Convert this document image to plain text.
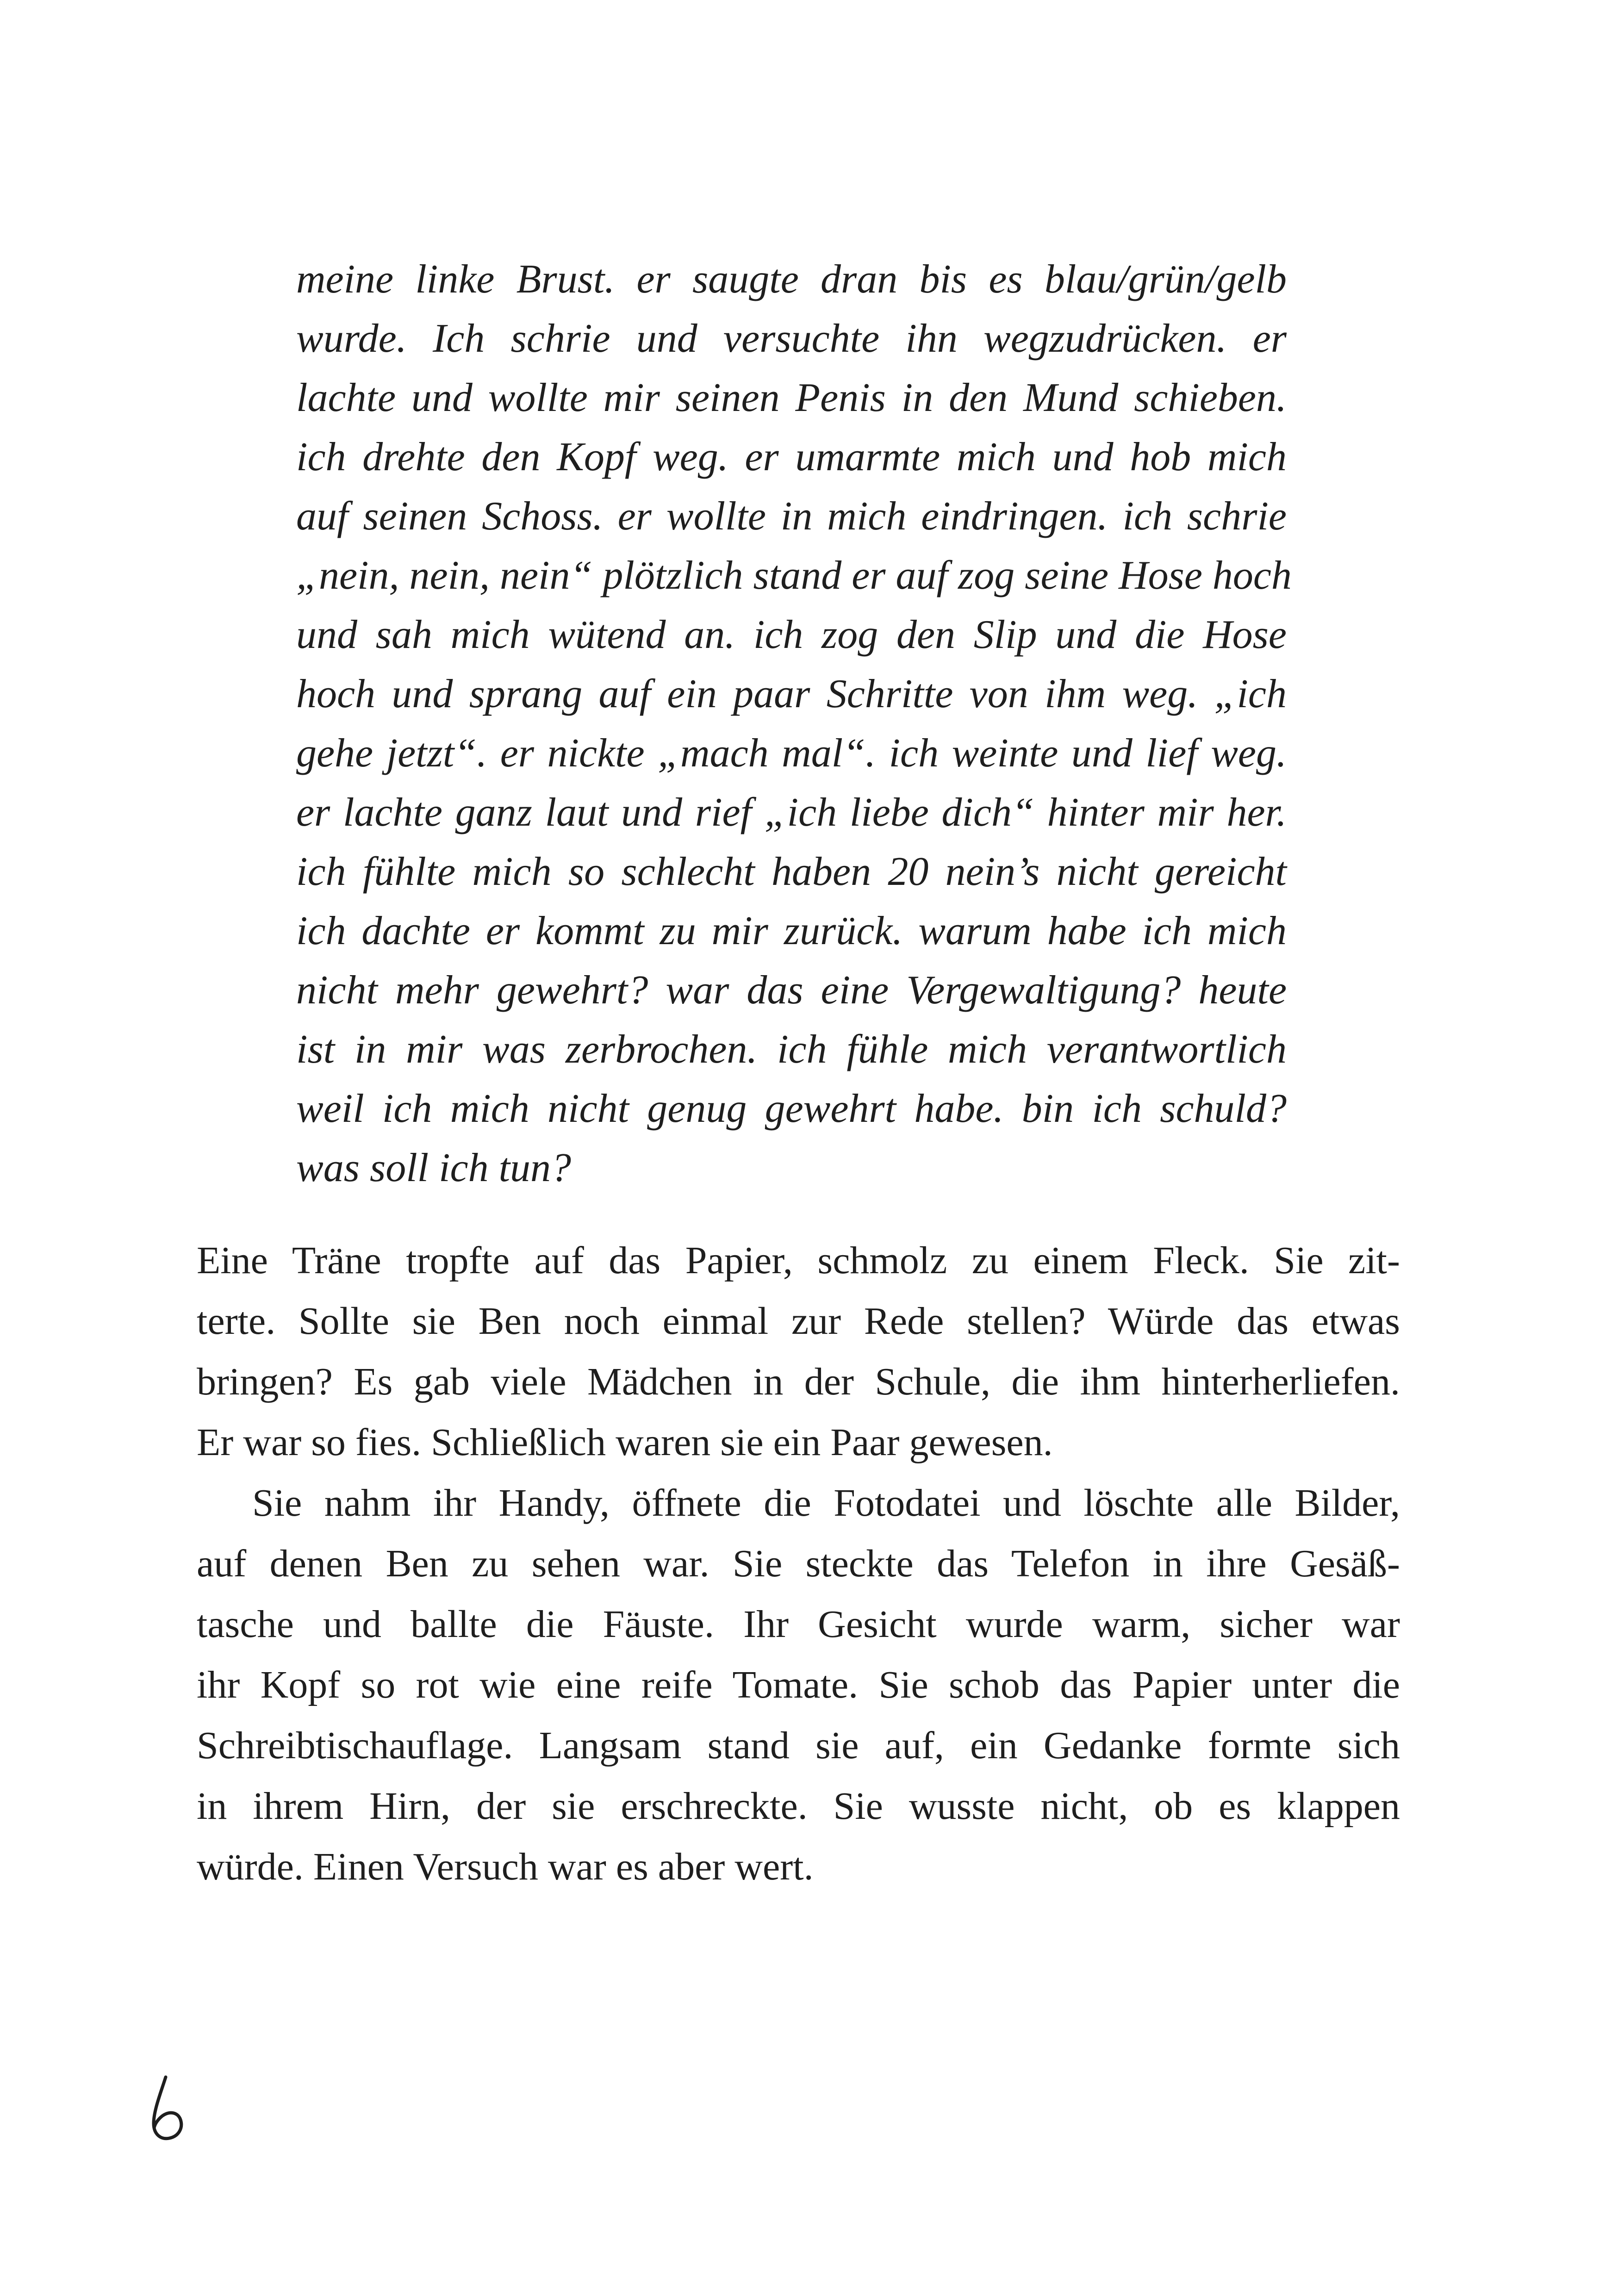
meine linke Brust. er saugte dran bis es blau/grün/gelb
wurde. Ich schrie und versuchte ihn wegzudrücken. er
lachte und wollte mir seinen Penis in den Mund schieben.
ich drehte den Kopf weg. er umarmte mich und hob mich
auf seinen Schoss. er wollte in mich eindringen. ich schrie
„nein, nein, nein“ plötzlich stand er auf zog seine Hose hoch
und sah mich wütend an. ich zog den Slip und die Hose
hoch und sprang auf ein paar Schritte von ihm weg. „ich
gehe jetzt“. er nickte „mach mal“. ich weinte und lief weg.
er lachte ganz laut und rief „ich liebe dich“ hinter mir her.
ich fühlte mich so schlecht haben 20 nein’s nicht gereicht
ich dachte er kommt zu mir zurück. warum habe ich mich
nicht mehr gewehrt? war das eine Vergewaltigung? heute
ist in mir was zerbrochen. ich fühle mich verantwortlich
weil ich mich nicht genug gewehrt habe. bin ich schuld?
was soll ich tun?
Eine Träne tropfte auf das Papier, schmolz zu einem Fleck. Sie zit-
terte. Sollte sie Ben noch einmal zur Rede stellen? Würde das etwas
bringen? Es gab viele Mädchen in der Schule, die ihm hinterherliefen.
Er war so fies. Schließlich waren sie ein Paar gewesen.
Sie nahm ihr Handy, öffnete die Fotodatei und löschte alle Bilder,
auf denen Ben zu sehen war. Sie steckte das Telefon in ihre Gesäß-
tasche und ballte die Fäuste. Ihr Gesicht wurde warm, sicher war
ihr Kopf so rot wie eine reife Tomate. Sie schob das Papier unter die
Schreibtischauflage. Langsam stand sie auf, ein Gedanke formte sich
in ihrem Hirn, der sie erschreckte. Sie wusste nicht, ob es klappen
würde. Einen Versuch war es aber wert.
